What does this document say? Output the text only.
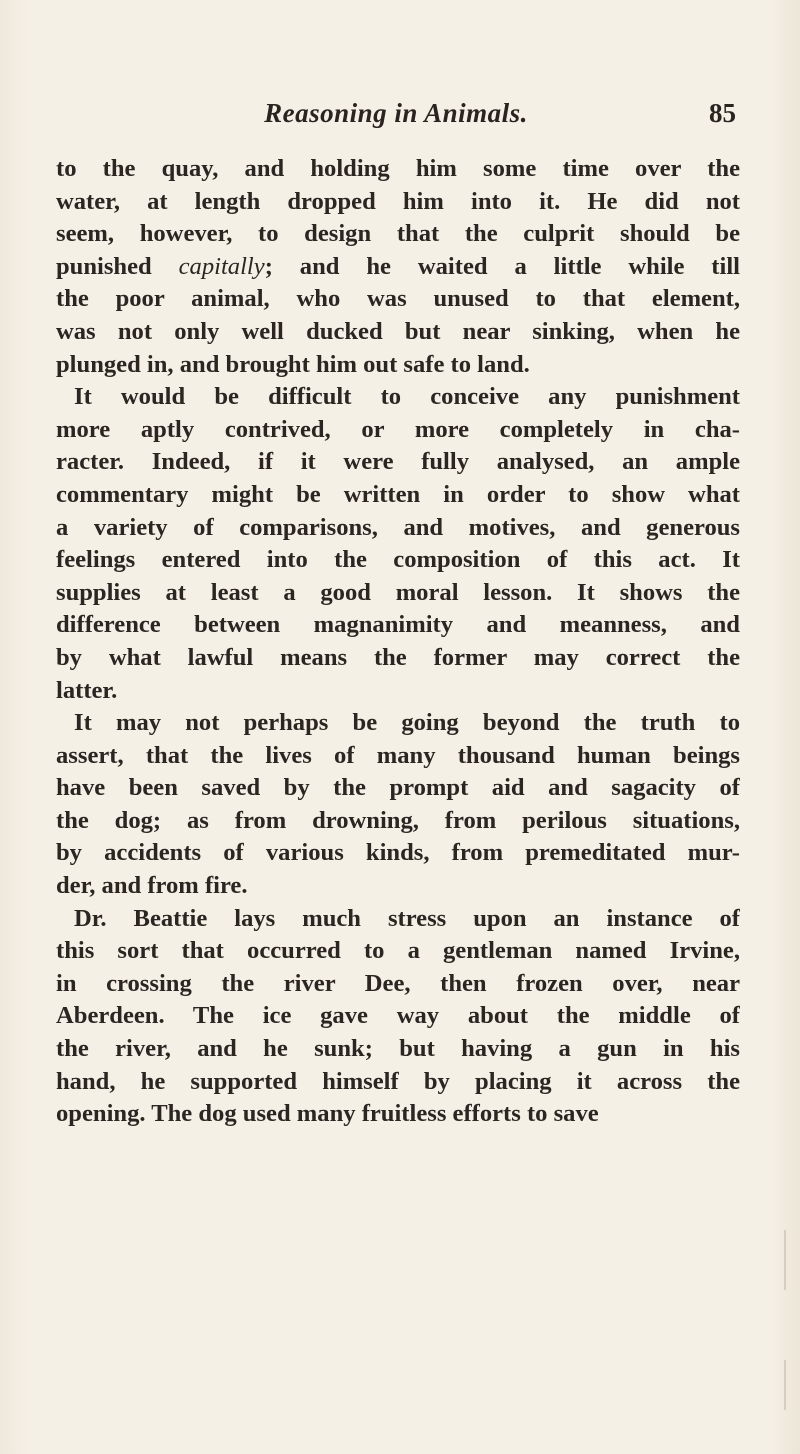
Reasoning in Animals.	85
to the quay, and holding him some time over the
water, at length dropped him into it. He did not
seem, however, to design that the culprit should be
punished capitally; and he waited a little while till
the poor animal, who was unused to that element,
was not only well ducked but near sinking, when he
plunged in, and brought him out safe to land.
It would be difficult to conceive any punishment
more aptly contrived, or more completely in cha-
racter. Indeed, if it were fully analysed, an ample
commentary might be written in order to show what
a variety of comparisons, and motives, and generous
feelings entered into the composition of this act. It
supplies at least a good moral lesson. It shows the
difference between magnanimity and meanness, and
by what lawful means the former may correct the
latter.
It may not perhaps be going beyond the truth to
assert, that the lives of many thousand human beings
have been saved by the prompt aid and sagacity of
the dog; as from drowning, from perilous situations,
by accidents of various kinds, from premeditated mur-
der, and from fire.
Dr. Beattie lays much stress upon an instance of
this sort that occurred to a gentleman named Irvine,
in crossing the river Dee, then frozen over, near
Aberdeen. The ice gave way about the middle of
the river, and he sunk; but having a gun in his
hand, he supported himself by placing it across the
opening. The dog used many fruitless efforts to save
